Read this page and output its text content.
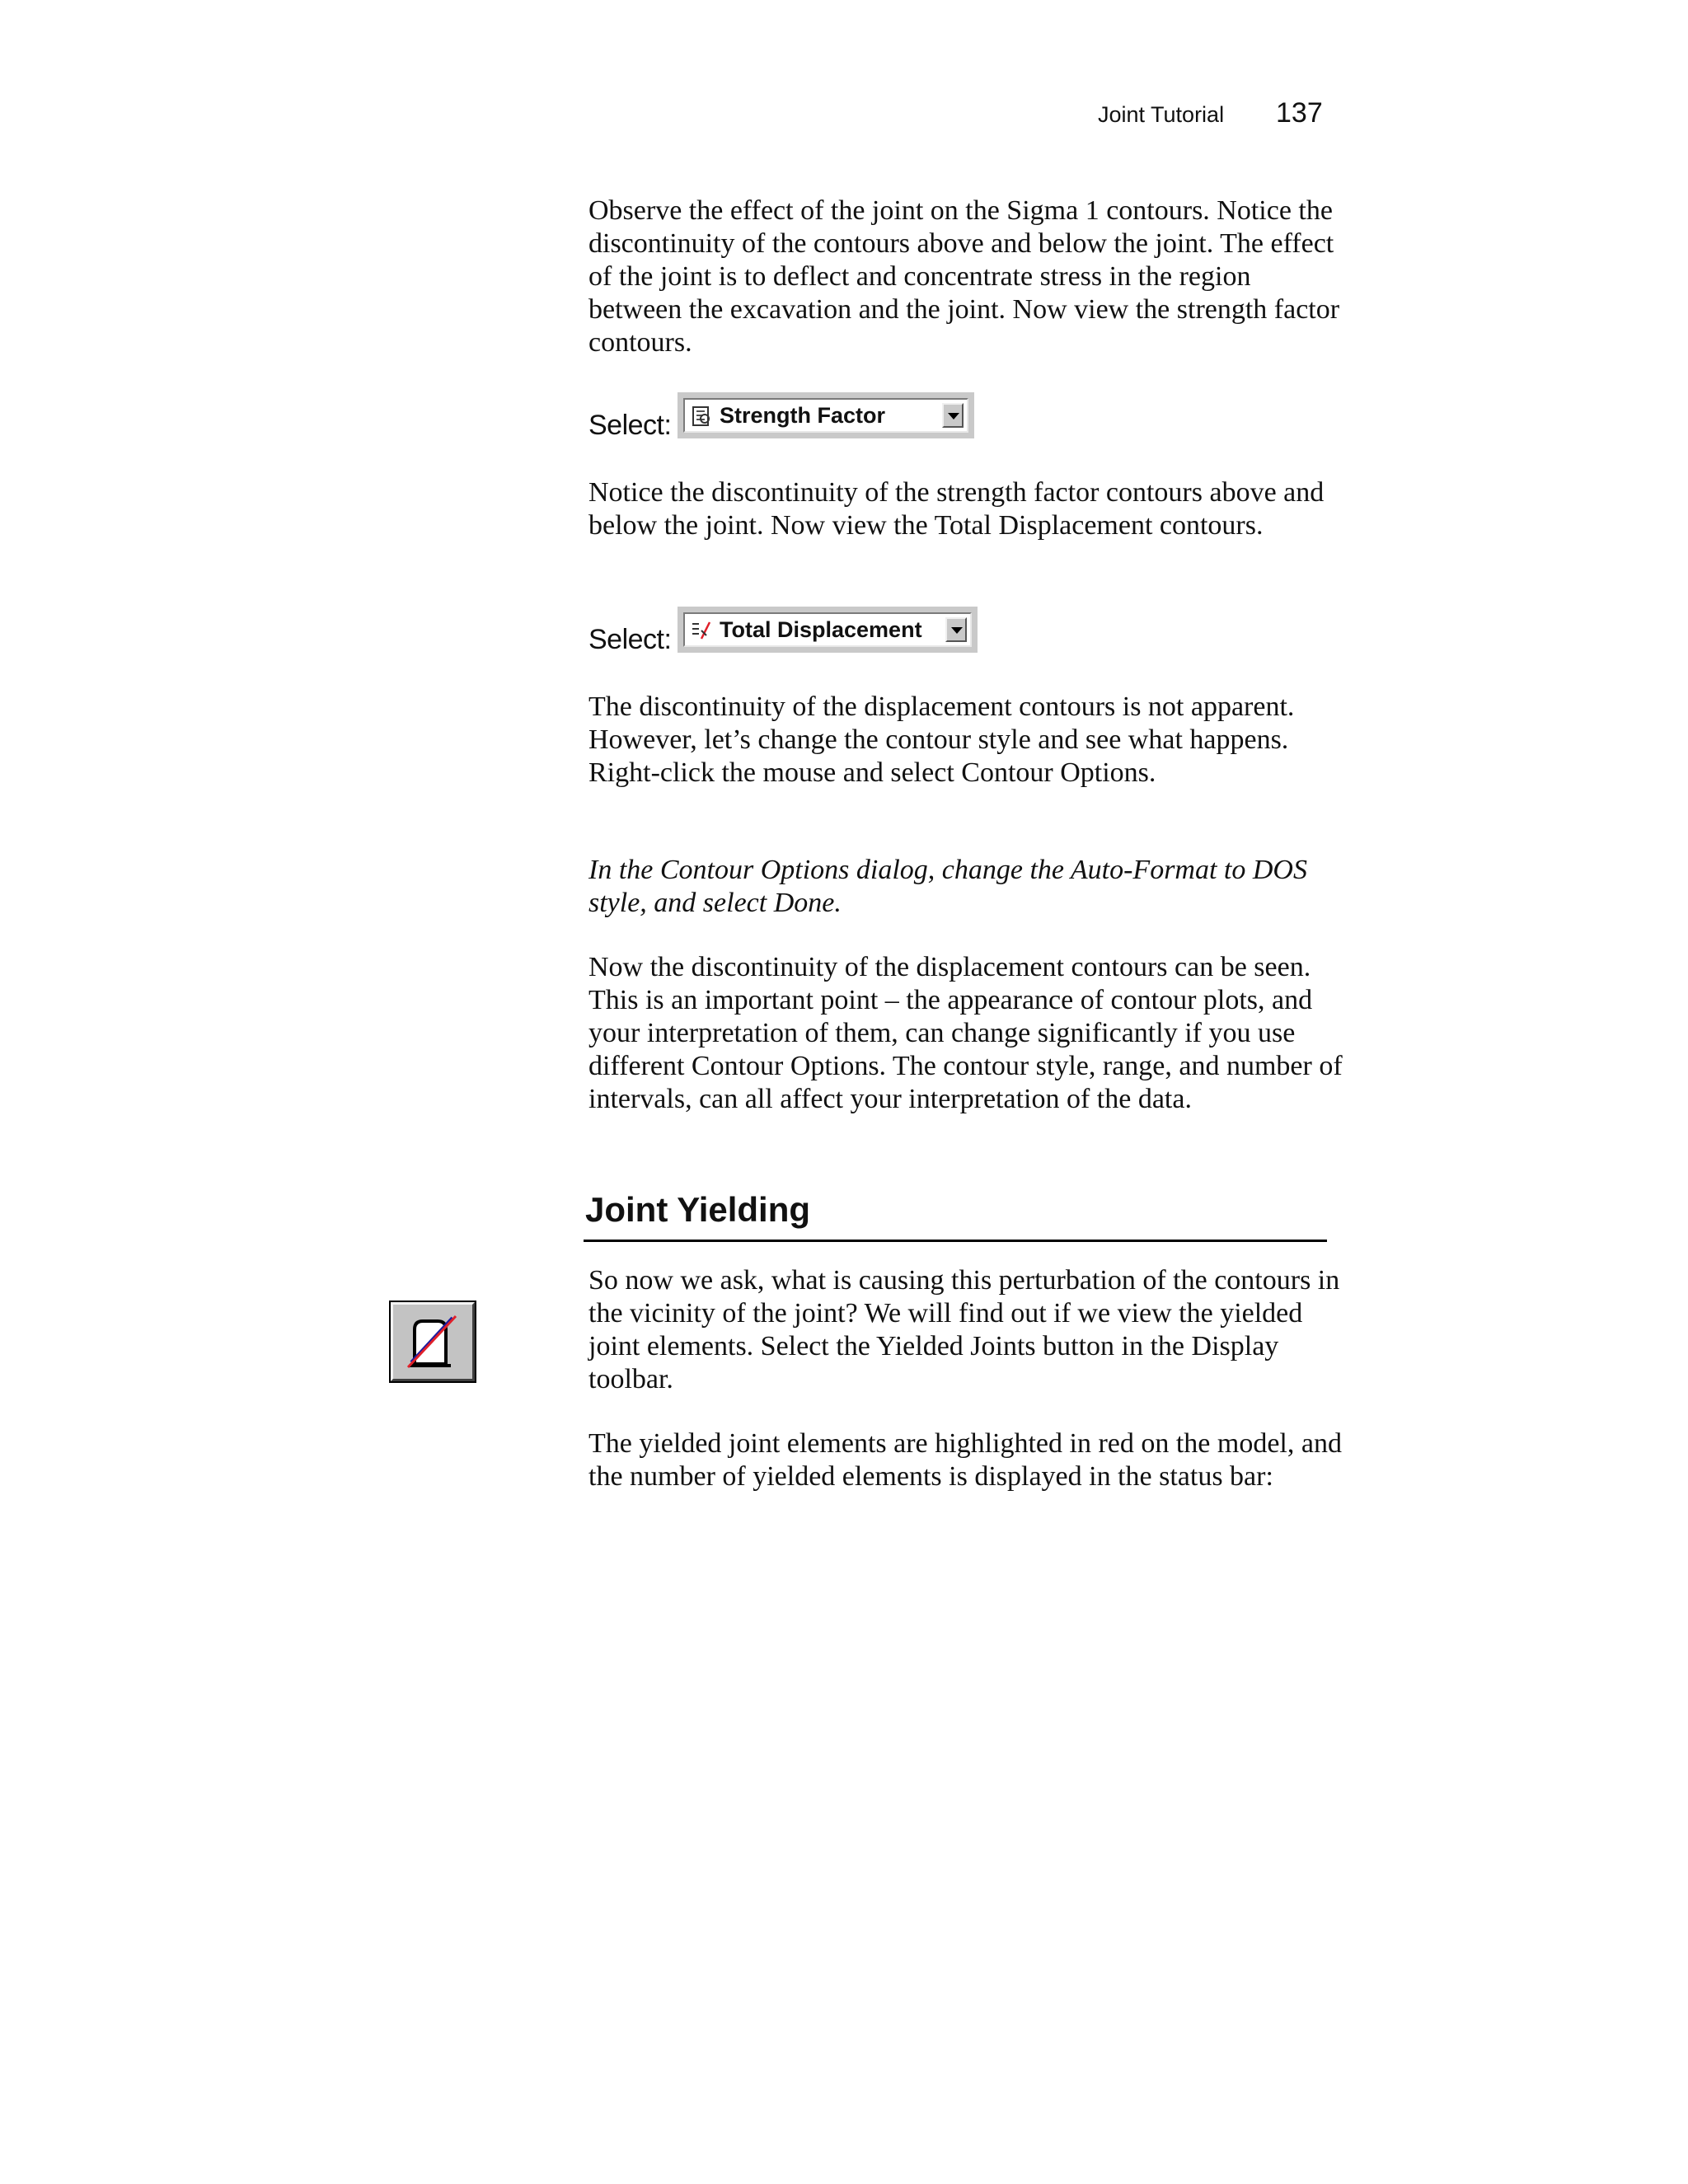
Joint Tutorial 137

Observe the effect of the joint on the Sigma 1 contours. Notice the discontinuity of the contours above and below the joint. The effect of the joint is to deflect and concentrate stress in the region between the excavation and the joint. Now view the strength factor contours.

Select: Strength Factor

Notice the discontinuity of the strength factor contours above and below the joint. Now view the Total Displacement contours.

Select: Total Displacement

The discontinuity of the displacement contours is not apparent. However, let’s change the contour style and see what happens. Right-click the mouse and select Contour Options.

In the Contour Options dialog, change the Auto-Format to DOS style, and select Done.

Now the discontinuity of the displacement contours can be seen. This is an important point – the appearance of contour plots, and your interpretation of them, can change significantly if you use different Contour Options. The contour style, range, and number of intervals, can all affect your interpretation of the data.

Joint Yielding

So now we ask, what is causing this perturbation of the contours in the vicinity of the joint? We will find out if we view the yielded joint elements. Select the Yielded Joints button in the Display toolbar.

The yielded joint elements are highlighted in red on the model, and the number of yielded elements is displayed in the status bar:
